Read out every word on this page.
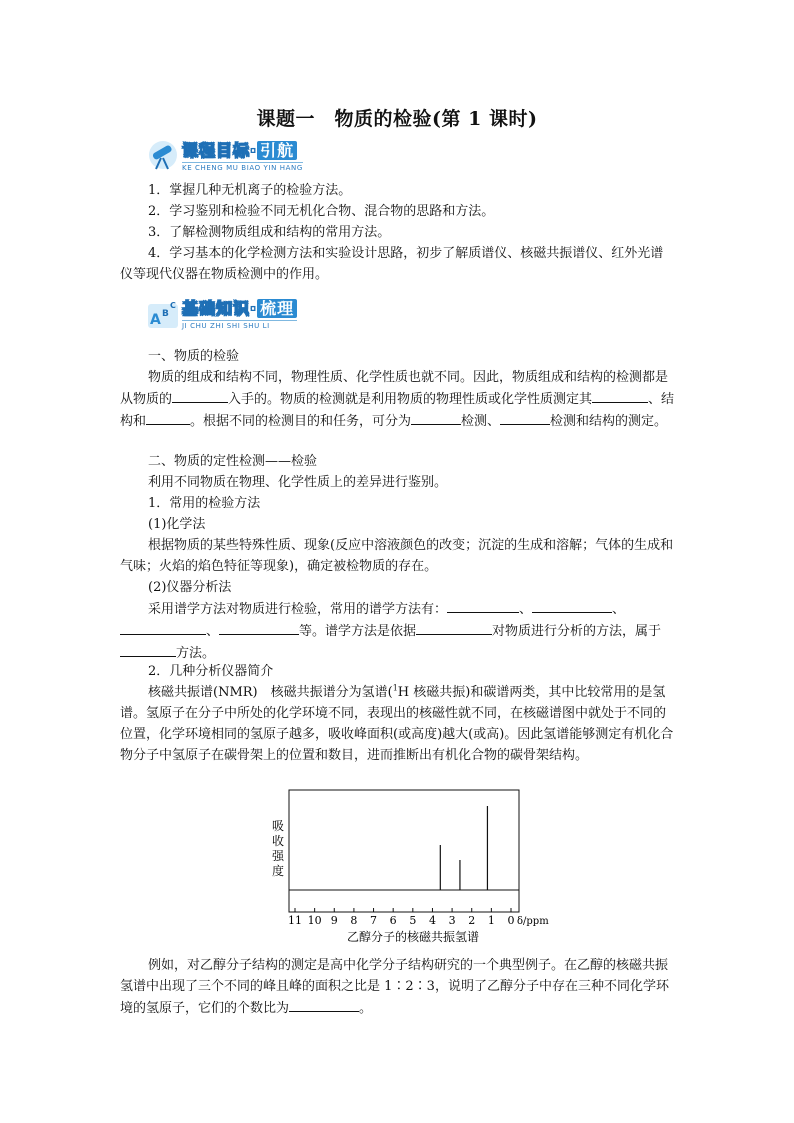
课题一　物质的检验(第 1 课时)
课程目标· 引航
KE CHENG MU BIAO YIN HANG
1．掌握几种无机离子的检验方法。
2．学习鉴别和检验不同无机化合物、混合物的思路和方法。
3．了解检测物质组成和结构的常用方法。
4．学习基本的化学检测方法和实验设计思路，初步了解质谱仪、核磁共振谱仪、红外光谱仪等现代仪器在物质检测中的作用。
A B
C 基础知识· 梳理
JI CHU ZHI SHI SHU LI
一、物质的检验
物质的组成和结构不同，物理性质、化学性质也就不同。因此，物质组成和结构的检测都是从物质的	入手的。物质的检测就是利用物质的物理性质或化学性质测定其	、结构和	。根据不同的检测目的和任务，可分为	检测、	检测和结构的测定。
二、物质的定性检测——检验
利用不同物质在物理、化学性质上的差异进行鉴别。
1．常用的检验方法
(1)化学法
根据物质的某些特殊性质、现象(反应中溶液颜色的改变；沉淀的生成和溶解；气体的生成和气味；火焰的焰色特征等现象)，确定被检物质的存在。
(2)仪器分析法
采用谱学方法对物质进行检验，常用的谱学方法有：	、	、、	等。谱学方法是依据	对物质进行分析的方法，属于方法。
2．几种分析仪器简介
核磁共振谱(NMR)　核磁共振谱分为氢谱($^1$H 核磁共振)和碳谱两类，其中比较常用的是氢谱。氢原子在分子中所处的化学环境不同，表现出的核磁性就不同，在核磁谱图中就处于不同的位置，化学环境相同的氢原子越多，吸收峰面积(或高度)越大(或高)。因此氢谱能够测定有机化合物分子中氢原子在碳骨架上的位置和数目，进而推断出有机化合物的碳骨架结构。
吸收强度
11 10 9 8 7 6 5 4 3 2 1 0 δ/ppm
乙醇分子的核磁共振氢谱
例如，对乙醇分子结构的测定是高中化学分子结构研究的一个典型例子。在乙醇的核磁共振氢谱中出现了三个不同的峰且峰的面积之比是 1∶2∶3，说明了乙醇分子中存在三种不同化学环境的氢原子，它们的个数比为	。
